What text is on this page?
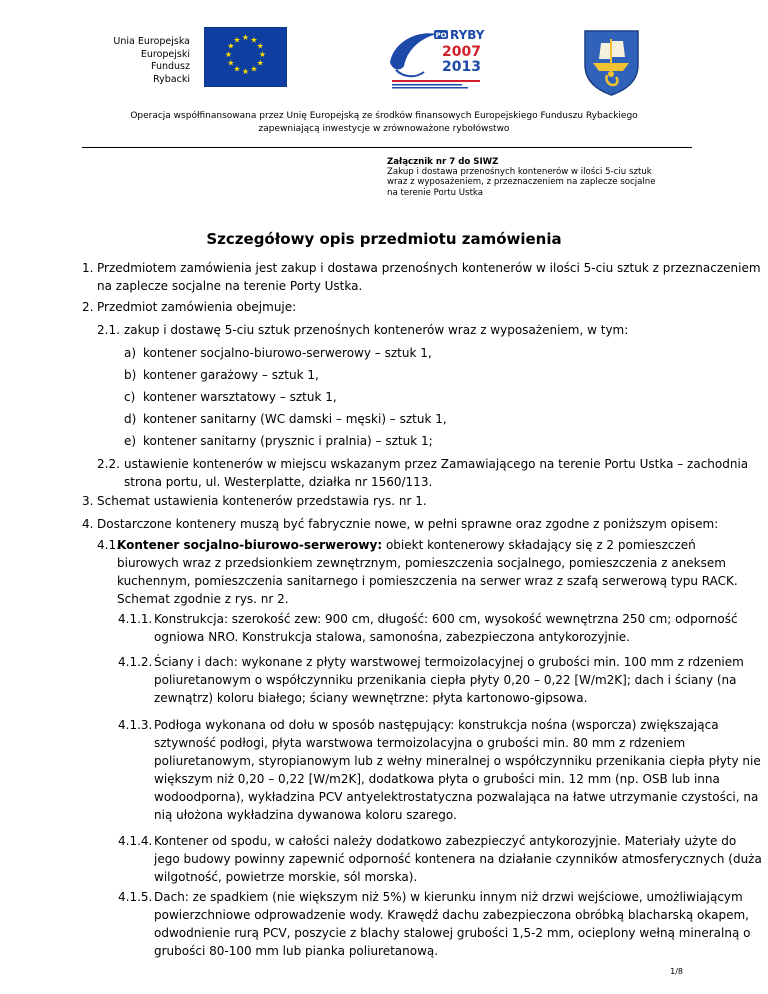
Unia Europejska
Europejski
Fundusz
Rybacki
★ ★
★
★
★
★
★
★
★
★
★
★	PO RYBY
2007
2013
Operacja współfinansowana przez Unię Europejską ze środków finansowych Europejskiego Funduszu Rybackiego
zapewniającą inwestycje w zrównoważone rybołówstwo
Załącznik nr 7 do SIWZ
Zakup i dostawa przenośnych kontenerów w ilości 5-ciu sztuk
wraz z wyposażeniem, z przeznaczeniem na zaplecze socjalne
na terenie Portu Ustka
Szczegółowy opis przedmiotu zamówienia
1. Przedmiotem zamówienia jest zakup i dostawa przenośnych kontenerów w ilości 5-ciu sztuk z przeznaczeniem
na zaplecze socjalne na terenie Porty Ustka.
2. Przedmiot zamówienia obejmuje:
2.1. zakup i dostawę 5-ciu sztuk przenośnych kontenerów wraz z wyposażeniem, w tym:
a) kontener socjalno-biurowo-serwerowy – sztuk 1,
b) kontener garażowy – sztuk 1,
c) kontener warsztatowy – sztuk 1,
d) kontener sanitarny (WC damski – męski) – sztuk 1,
e) kontener sanitarny (prysznic i pralnia) – sztuk 1;
2.2. ustawienie kontenerów w miejscu wskazanym przez Zamawiającego na terenie Portu Ustka – zachodnia
strona portu, ul. Westerplatte, działka nr 1560/113.
3. Schemat ustawienia kontenerów przedstawia rys. nr 1.
4. Dostarczone kontenery muszą być fabrycznie nowe, w pełni sprawne oraz zgodne z poniższym opisem:
4.1.
Kontener socjalno-biurowo-serwerowy: obiekt kontenerowy składający się z 2 pomieszczeń
biurowych wraz z przedsionkiem zewnętrznym, pomieszczenia socjalnego, pomieszczenia z aneksem
kuchennym, pomieszczenia sanitarnego i pomieszczenia na serwer wraz z szafą serwerową typu RACK.
Schemat zgodnie z rys. nr 2.
4.1.1. Konstrukcja: szerokość zew: 900 cm, długość: 600 cm, wysokość wewnętrzna 250 cm; odporność
ogniowa NRO. Konstrukcja stalowa, samonośna, zabezpieczona antykorozyjnie.
4.1.2. Ściany i dach: wykonane z płyty warstwowej termoizolacyjnej o grubości min. 100 mm z rdzeniem
poliuretanowym o współczynniku przenikania ciepła płyty 0,20 – 0,22 [W/m2K]; dach i ściany (na
zewnątrz) koloru białego; ściany wewnętrzne: płyta kartonowo-gipsowa.
4.1.3. Podłoga wykonana od dołu w sposób następujący: konstrukcja nośna (wsporcza) zwiększająca
sztywność podłogi, płyta warstwowa termoizolacyjna o grubości min. 80 mm z rdzeniem
poliuretanowym, styropianowym lub z wełny mineralnej o współczynniku przenikania ciepła płyty nie
większym niż 0,20 – 0,22 [W/m2K], dodatkowa płyta o grubości min. 12 mm (np. OSB lub inna
wodoodporna), wykładzina PCV antyelektrostatyczna pozwalająca na łatwe utrzymanie czystości, na
nią ułożona wykładzina dywanowa koloru szarego.
4.1.4. Kontener od spodu, w całości należy dodatkowo zabezpieczyć antykorozyjnie. Materiały użyte do
jego budowy powinny zapewnić odporność kontenera na działanie czynników atmosferycznych (duża
wilgotność, powietrze morskie, sól morska).
4.1.5. Dach: ze spadkiem (nie większym niż 5%) w kierunku innym niż drzwi wejściowe, umożliwiającym
powierzchniowe odprowadzenie wody. Krawędź dachu zabezpieczona obróbką blacharską okapem,
odwodnienie rurą PCV, poszycie z blachy stalowej grubości 1,5-2 mm, ocieplony wełną mineralną o
grubości 80-100 mm lub pianka poliuretanową.
1/8
